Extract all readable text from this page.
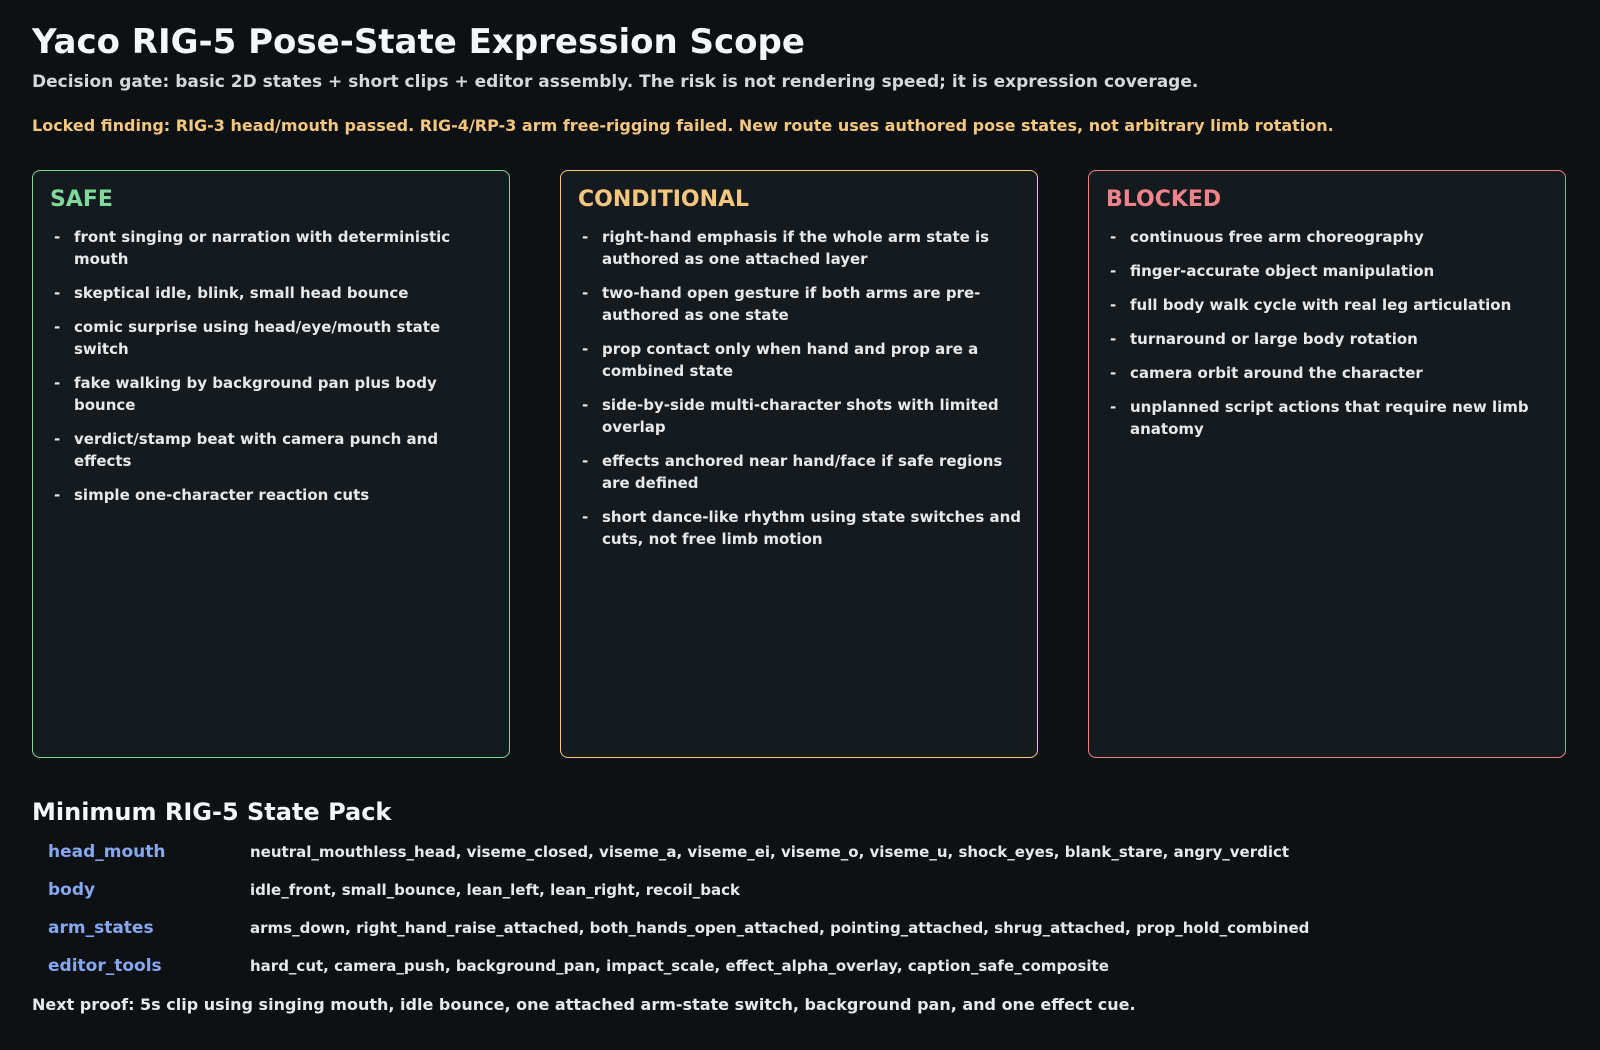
Yaco RIG-5 Pose-State Expression Scope
Decision gate: basic 2D states + short clips + editor assembly. The risk is not rendering speed; it is expression coverage.
Locked finding: RIG-3 head/mouth passed. RIG-4/RP-3 arm free-rigging failed. New route uses authored pose states, not arbitrary limb rotation.
SAFE
- front singing or narration with deterministic mouth
- skeptical idle, blink, small head bounce
- comic surprise using head/eye/mouth state switch
- fake walking by background pan plus body bounce
- verdict/stamp beat with camera punch and effects
- simple one-character reaction cuts
CONDITIONAL
- right-hand emphasis if the whole arm state is authored as one attached layer
- two-hand open gesture if both arms are pre-authored as one state
- prop contact only when hand and prop are a combined state
- side-by-side multi-character shots with limited overlap
- effects anchored near hand/face if safe regions are defined
- short dance-like rhythm using state switches and cuts, not free limb motion
BLOCKED
- continuous free arm choreography
- finger-accurate object manipulation
- full body walk cycle with real leg articulation
- turnaround or large body rotation
- camera orbit around the character
- unplanned script actions that require new limb anatomy
Minimum RIG-5 State Pack
head_mouth	neutral_mouthless_head, viseme_closed, viseme_a, viseme_ei, viseme_o, viseme_u, shock_eyes, blank_stare, angry_verdict
body	idle_front, small_bounce, lean_left, lean_right, recoil_back
arm_states	arms_down, right_hand_raise_attached, both_hands_open_attached, pointing_attached, shrug_attached, prop_hold_combined
editor_tools	hard_cut, camera_push, background_pan, impact_scale, effect_alpha_overlay, caption_safe_composite
Next proof: 5s clip using singing mouth, idle bounce, one attached arm-state switch, background pan, and one effect cue.
